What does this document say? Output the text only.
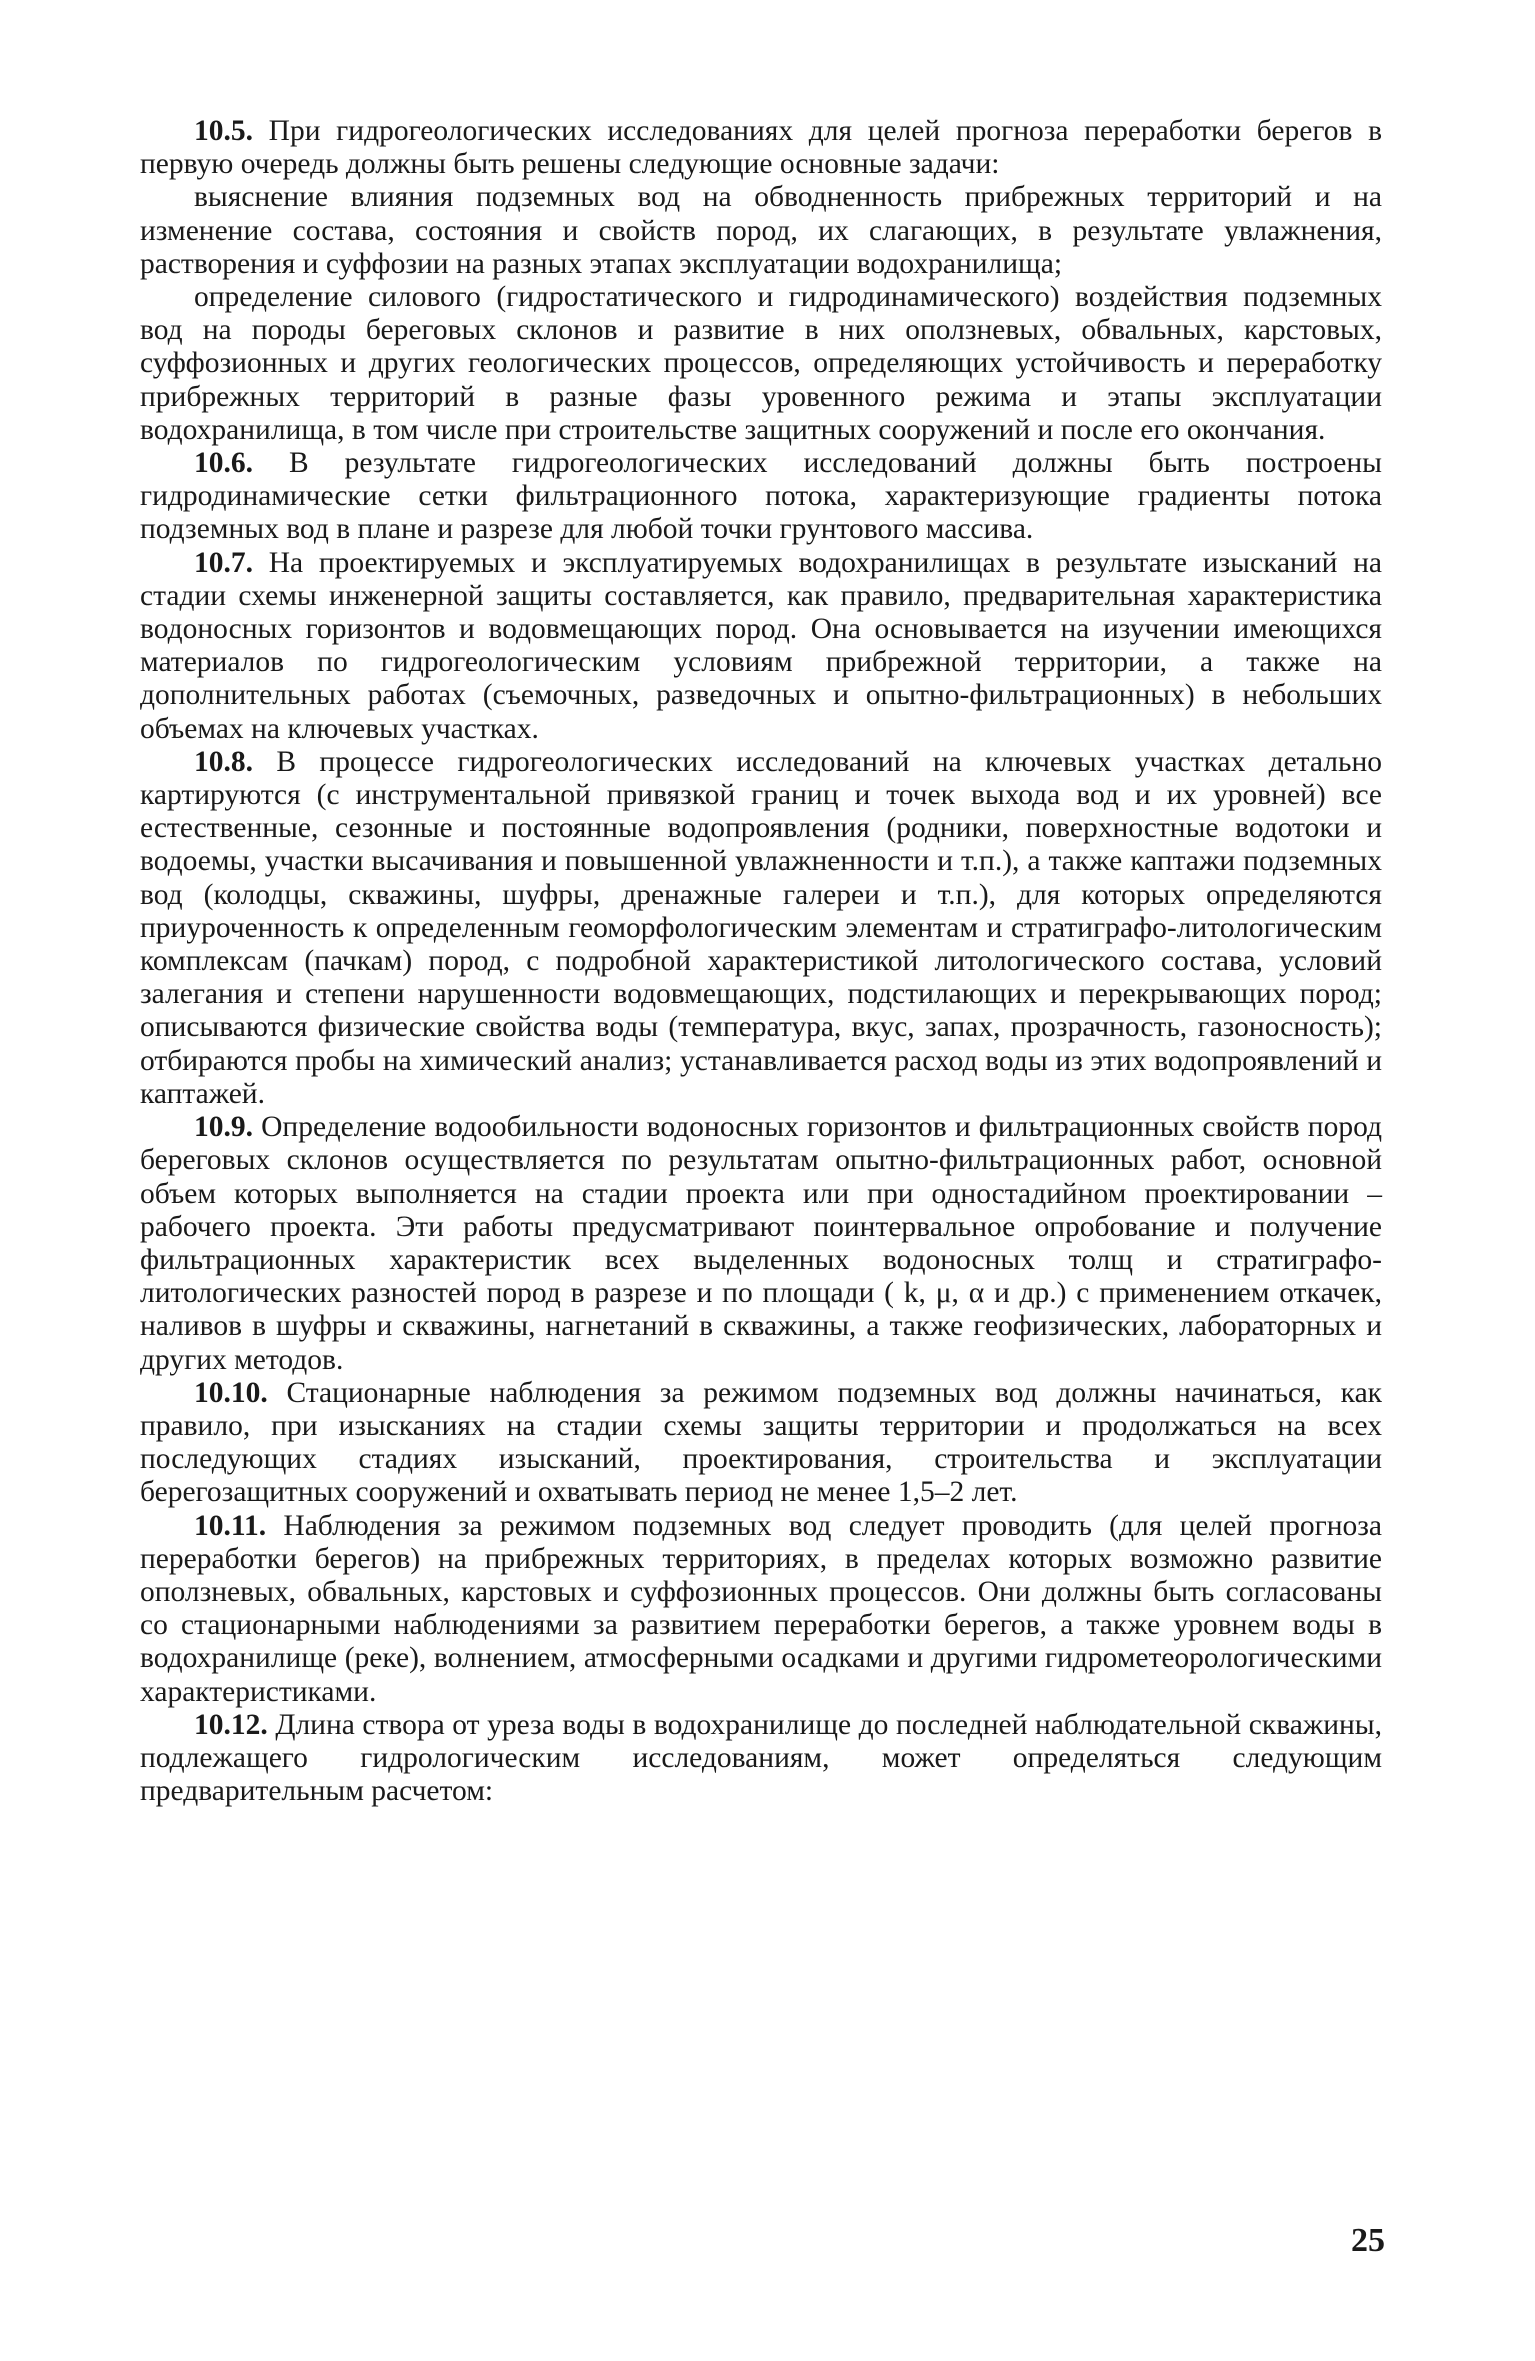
10.5. При гидрогеологических исследованиях для целей прогноза переработки берегов в первую очередь должны быть решены следующие основные задачи:

выяснение влияния подземных вод на обводненность прибрежных территорий и на изменение состава, состояния и свойств пород, их слагающих, в результате увлажнения, растворения и суффозии на разных этапах эксплуатации водохранилища;

определение силового (гидростатического и гидродинамического) воздействия подземных вод на породы береговых склонов и развитие в них оползневых, обвальных, карстовых, суффозионных и других геологических процессов, определяющих устойчивость и переработку прибрежных территорий в разные фазы уровенного режима и этапы эксплуатации водохранилища, в том числе при строительстве защитных сооружений и после его окончания.

10.6. В результате гидрогеологических исследований должны быть построены гидродинамические сетки фильтрационного потока, характеризующие градиенты потока подземных вод в плане и разрезе для любой точки грунтового массива.

10.7. На проектируемых и эксплуатируемых водохранилищах в результате изысканий на стадии схемы инженерной защиты составляется, как правило, предварительная характеристика водоносных горизонтов и водовмещающих пород. Она основывается на изучении имеющихся материалов по гидрогеологическим условиям прибрежной территории, а также на дополнительных работах (съемочных, разведочных и опытно-фильтрационных) в небольших объемах на ключевых участках.

10.8. В процессе гидрогеологических исследований на ключевых участках детально картируются (с инструментальной привязкой границ и точек выхода вод и их уровней) все естественные, сезонные и постоянные водопроявления (родники, поверхностные водотоки и водоемы, участки высачивания и повышенной увлажненности и т.п.), а также каптажи подземных вод (колодцы, скважины, шуфры, дренажные галереи и т.п.), для которых определяются приуроченность к определенным геоморфологическим элементам и стратиграфо-литологическим комплексам (пачкам) пород, с подробной характеристикой литологического состава, условий залегания и степени нарушенности водовмещающих, подстилающих и перекрывающих пород; описываются физические свойства воды (температура, вкус, запах, прозрачность, газоносность); отбираются пробы на химический анализ; устанавливается расход воды из этих водопроявлений и каптажей.

10.9. Определение водообильности водоносных горизонтов и фильтрационных свойств пород береговых склонов осуществляется по результатам опытно-фильтрационных работ, основной объем которых выполняется на стадии проекта или при одностадийном проектировании – рабочего проекта. Эти работы предусматривают поинтервальное опробование и получение фильтрационных характеристик всех выделенных водоносных толщ и стратиграфо-литологических разностей пород в разрезе и по площади ( k, μ, α и др.) с применением откачек, наливов в шуфры и скважины, нагнетаний в скважины, а также геофизических, лабораторных и других методов.

10.10. Стационарные наблюдения за режимом подземных вод должны начинаться, как правило, при изысканиях на стадии схемы защиты территории и продолжаться на всех последующих стадиях изысканий, проектирования, строительства и эксплуатации берегозащитных сооружений и охватывать период не менее 1,5–2 лет.

10.11. Наблюдения за режимом подземных вод следует проводить (для целей прогноза переработки берегов) на прибрежных территориях, в пределах которых возможно развитие оползневых, обвальных, карстовых и суффозионных процессов. Они должны быть согласованы со стационарными наблюдениями за развитием переработки берегов, а также уровнем воды в водохранилище (реке), волнением, атмосферными осадками и другими гидрометеорологическими характеристиками.

10.12. Длина створа от уреза воды в водохранилище до последней наблюдательной скважины, подлежащего гидрологическим исследованиям, может определяться следующим предварительным расчетом:

25
